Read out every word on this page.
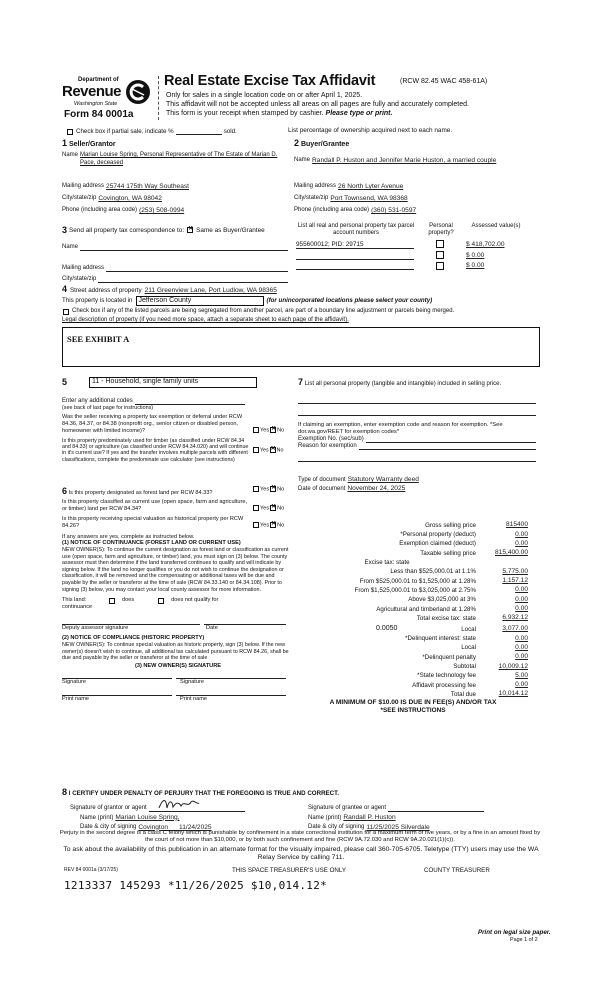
Department of
Revenue
Washington State
Form 84 0001a
Real Estate Excise Tax Affidavit	(RCW 82.45 WAC 458-61A)
Only for sales in a single location code on or after April 1, 2025.
This affidavit will not be accepted unless all areas on all pages are fully and accurately completed.
This form is your receipt when stamped by cashier. Please type or print.
Check box if partial sale, indicate %	sold.	List percentage of ownership acquired next to each name.
1 Seller/Grantor
Name Marian Louise Spring, Personal Representative of The Estate of Marian D. Pace, deceased
Mailing address 25744 175th Way Southeast
City/state/zip Covington, WA 98042
Phone (including area code) (253) 508-0994
2 Buyer/Grantee
Name Randall P. Huston and Jennifer Marie Huston, a married couple
Mailing address 26 North Lyter Avenue
City/state/zip Port Townsend, WA 98368
Phone (including area code) (360) 531-0597
3 Send all property tax correspondence to: ✕ Same as Buyer/Grantee
Name
Mailing address
City/state/zip
List all real and personal property tax parcel account numbers
Personal property?
Assessed value(s)
955600012; PID: 29715	$ 418,702.00
$ 0.00
$ 0.00
4 Street address of property 211 Greenview Lane, Port Ludlow, WA 98365
This property is located in Jefferson County	(for unincorporated locations please select your county)
Check box if any of the listed parcels are being segregated from another parcel, are part of a boundary line adjustment or parcels being merged.
Legal description of property (if you need more space, attach a separate sheet to each page of the affidavit).
SEE EXHIBIT A
5	11 - Household, single family units
Enter any additional codes
(see back of last page for instructions)
Was the seller receiving a property tax exemption or deferral under RCW 84.36, 84.37, or 84.38 (nonprofit org., senior citizen or disabled person, homeowner with limited income)?	Yes ✕ No
Is this property predominately used for timber (as classified under RCW 84.34 and 84.33) or agriculture (as classified under RCW 84.34.020) and will continue in it's current use? If yes and the transfer involves multiple parcels with different classifications, complete the predominate use calculator (see instructions)
Yes ✕ No
6 Is this property designated as forest land per RCW 84.33?
Yes ✕ No
Is this property classified as current use (open space, farm and agriculture, or timber) land per RCW 84.34?	Yes ✕ No
Is this property receiving special valuation as historical property per RCW 84.26?	Yes ✕ No
If any answers are yes, complete as instructed below.
(1) NOTICE OF CONTINUANCE (FOREST LAND OR CURRENT USE)
NEW OWNER(S): To continue the current designation as forest land or classification as current use (open space, farm and agriculture, or timber) land, you must sign on (3) below. The county assessor must then determine if the land transferred continues to qualify and will indicate by signing below. If the land no longer qualifies or you do not wish to continue the designation or classification, it will be removed and the compensating or additional taxes will be due and payable by the seller or transferor at the time of sale (RCW 84.33.140 or 84.34.108). Prior to signing (3) below, you may contact your local county assessor for more information.
This land:	does	does not qualify for
continuance
Deputy assessor signature	Date
(2) NOTICE OF COMPLIANCE (HISTORIC PROPERTY)
NEW OWNER(S): To continue special valuation as historic property, sign (3) below. If the new owner(s) doesn't wish to continue, all additional tax calculated pursuant to RCW 84.26, shall be due and payable by the seller or transferor at the time of sale
(3) NEW OWNER(S) SIGNATURE
Signature	Signature
Print name	Print name
7 List all personal property (tangible and intangible) included in selling price.
If claiming an exemption, enter exemption code and reason for exemption. *See dor.wa.gov/REET for exemption codes*
Exemption No. (sec/sub)
Reason for exemption
Type of document Statutory Warranty deed
Date of document November 24, 2025
Gross selling price	815400
*Personal property (deduct)	0.00
Exemption claimed (deduct)	0.00
Taxable selling price	815,400.00
Excise tax: state
Less than $525,000.01 at 1.1%	5,775.00
From $525,000.01 to $1,525,000 at 1.28%	1,157.12
From $1,525,000.01 to $3,025,000 at 2.75%	0.00
Above $3,025,000 at 3%	0.00
Agricultural and timberland at 1.28%	0.00
Total excise tax: state	6,932.12
0.0050	Local	3,077.00
*Delinquent interest: state	0.00
Local	0.00
*Delinquent penalty	0.00
Subtotal	10,009.12
*State technology fee	5.00
Affidavit processing fee	0.00
Total due	10,014.12
A MINIMUM OF $10.00 IS DUE IN FEE(S) AND/OR TAX
*SEE INSTRUCTIONS
8 I CERTIFY UNDER PENALTY OF PERJURY THAT THE FOREGOING IS TRUE AND CORRECT.
Signature of grantor or agent	Signature of grantee or agent
Name (print) Marian Louise Spring,	Name (print) Randall P. Huston
Date & city of signing Covington      11/24/2025	Date & city of signing 11/25/2025 Silverdale
Perjury in the second degree is a class C felony which is punishable by confinement in a state correctional institution for a maximum term of five years, or by a fine in an amount fixed by the court of not more than $10,000, or by both such confinement and fine (RCW 9A.72.030 and RCW 9A.20.021(1)(c)).
To ask about the availability of this publication in an alternate format for the visually impaired, please call 360-705-6705. Teletype (TTY) users may use the WA Relay Service by calling 711.
REV 84 0001a (3/17/25)	THIS SPACE TREASURER'S USE ONLY	COUNTY TREASURER
1213337 145293 *11/26/2025 $10,014.12*
Print on legal size paper.
Page 1 of 2
